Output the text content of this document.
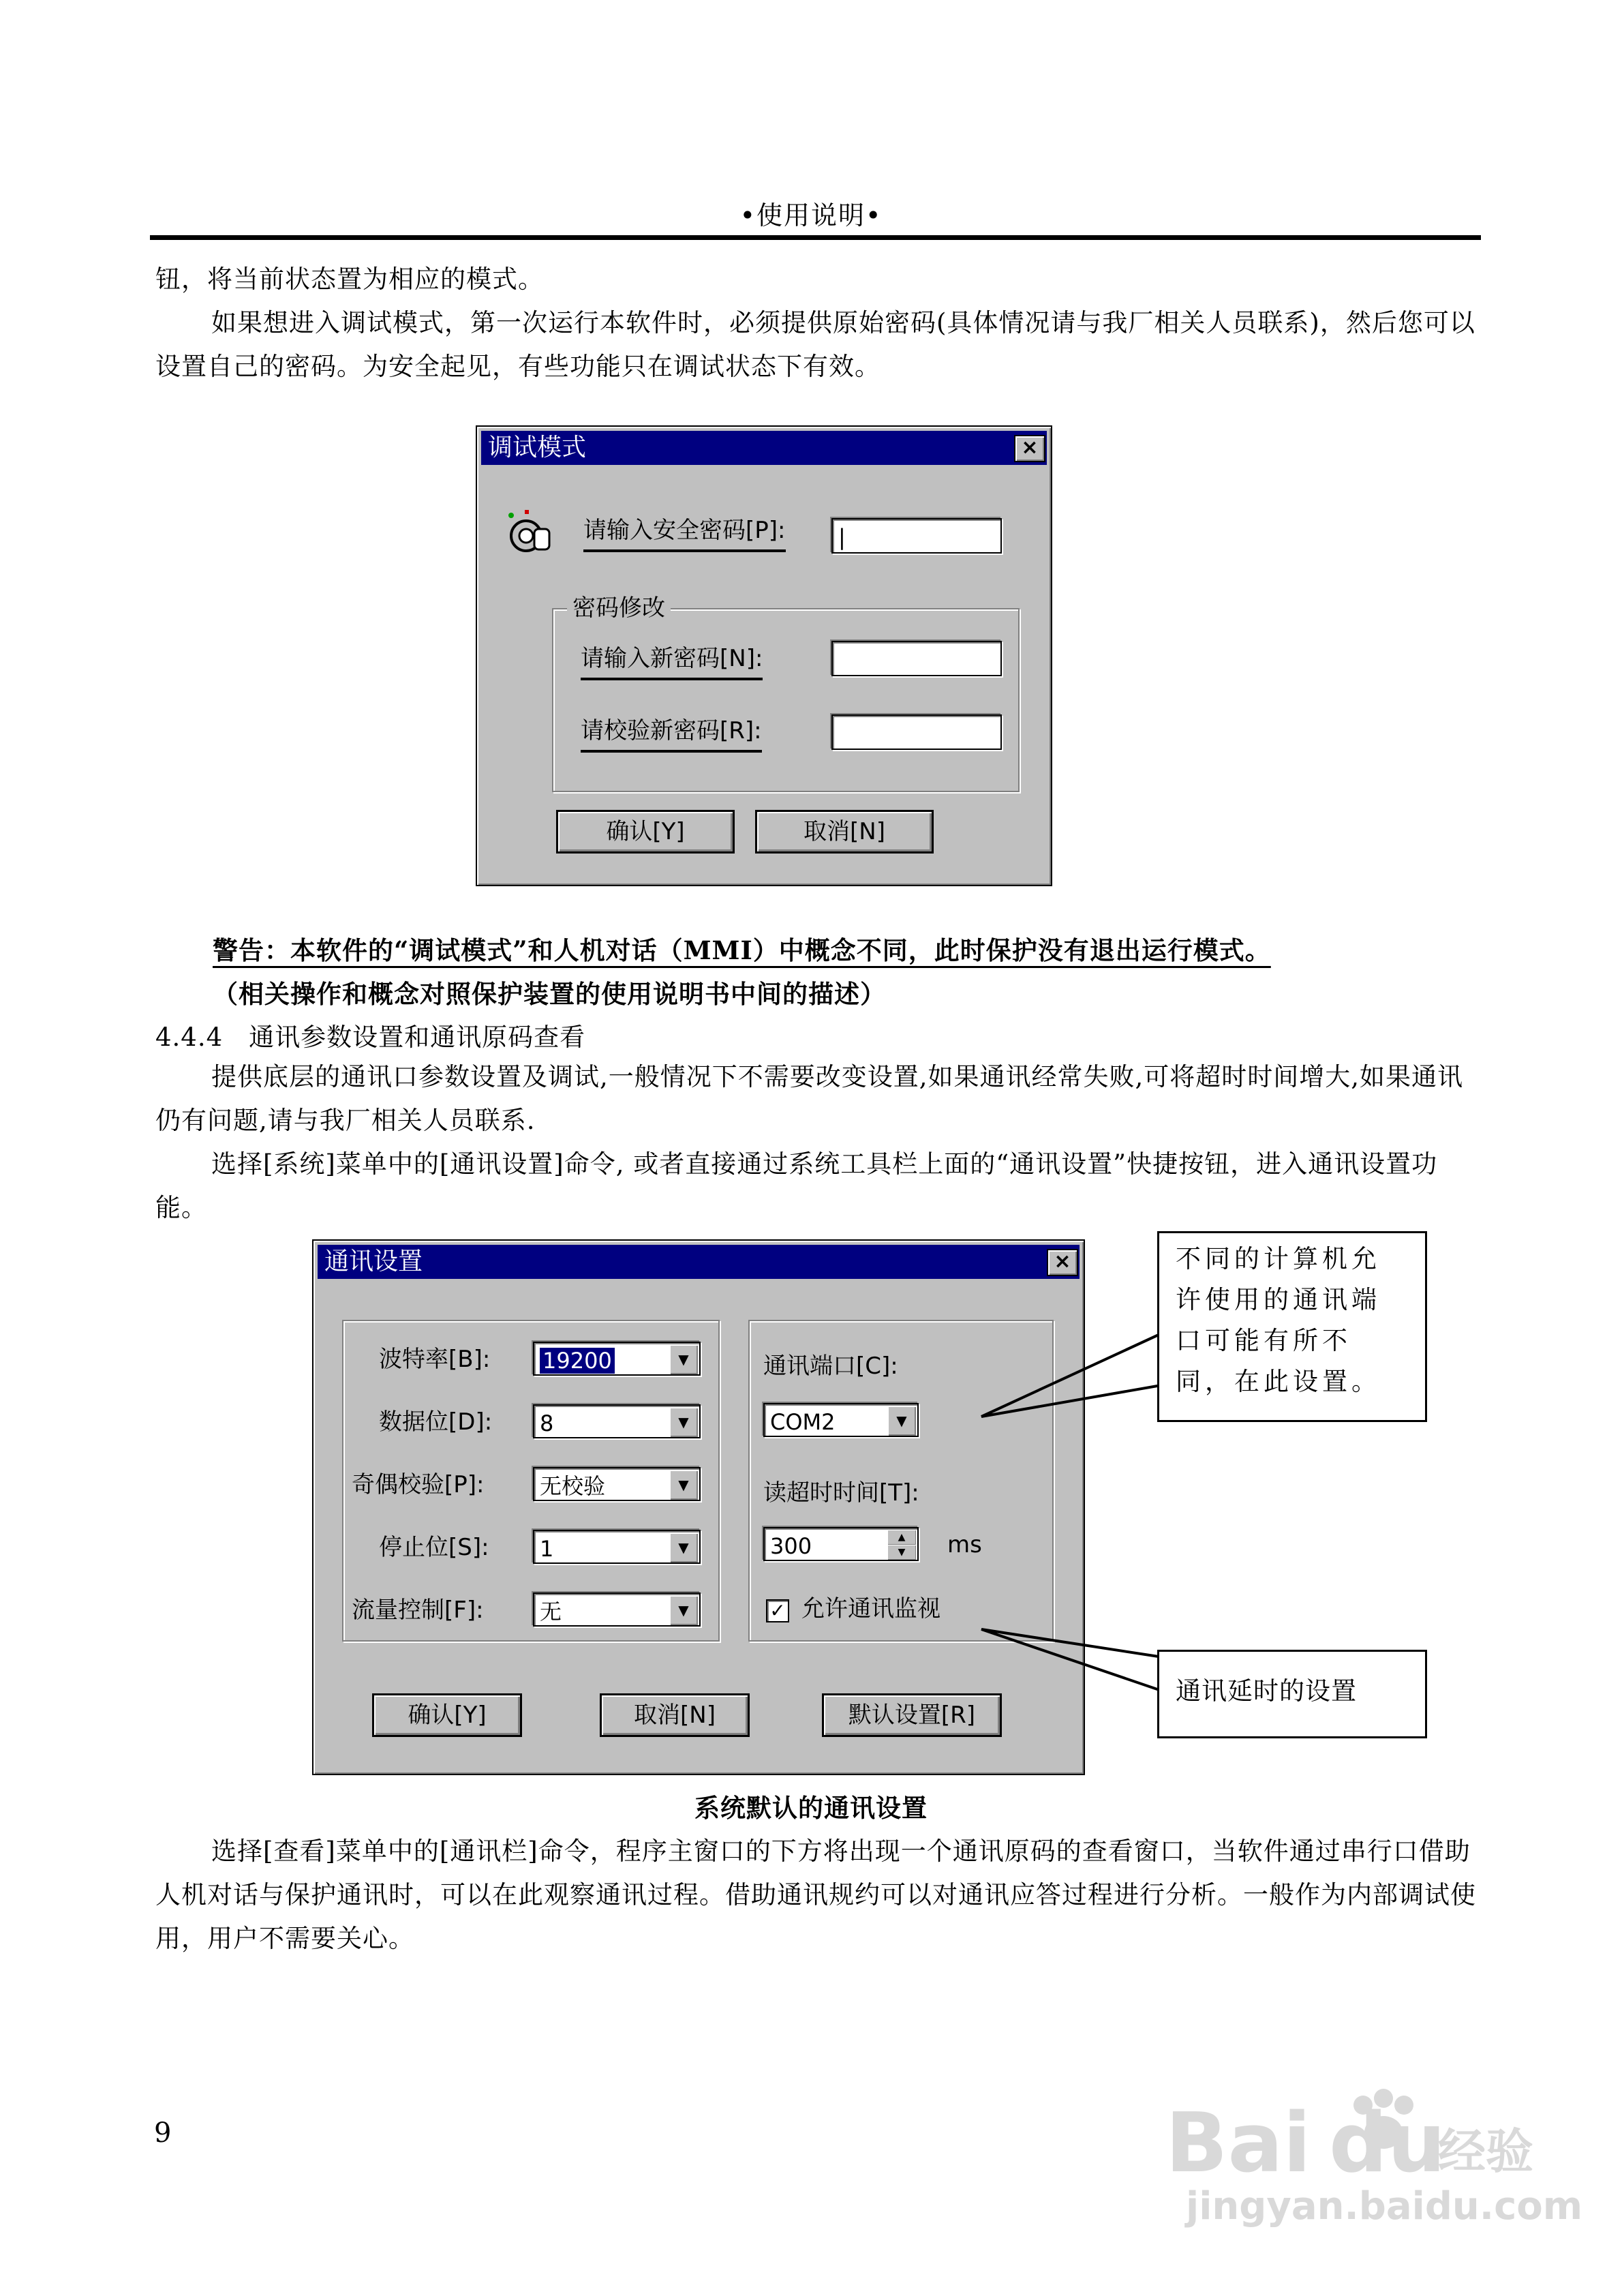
•使用说明•
钮，将当前状态置为相应的模式。
如果想进入调试模式，第一次运行本软件时，必须提供原始密码(具体情况请与我厂相关人员联系)，然后您可以设置自己的密码。为安全起见，有些功能只在调试状态下有效。
调试模式	×
请输入安全密码[P]:	|
密码修改
请输入新密码[N]:
请校验新密码[R]:
确认[Y]	取消[N]
警告：本软件的“调试模式”和人机对话（MMI）中概念不同，此时保护没有退出运行模式。
（相关操作和概念对照保护装置的使用说明书中间的描述）
4.4.4　通讯参数设置和通讯原码查看
提供底层的通讯口参数设置及调试,一般情况下不需要改变设置,如果通讯经常失败,可将超时时间增大,如果通讯仍有问题,请与我厂相关人员联系.
选择[系统]菜单中的[通讯设置]命令, 或者直接通过系统工具栏上面的“通讯设置”快捷按钮，进入通讯设置功能。
通讯设置	×
波特率[B]:	19200	▼
数据位[D]:	8	▼
奇偶校验[P]:	无校验	▼
停止位[S]:	1	▼
流量控制[F]:	无	▼
通讯端口[C]:
COM2	▼
读超时时间[T]:
300	▲
▼	ms
✓ 允许通讯监视
确认[Y]	取消[N]	默认设置[R]
不同的计算机允许使用的通讯端口可能有所不同，在此设置。
通讯延时的设置
系统默认的通讯设置
选择[查看]菜单中的[通讯栏]命令，程序主窗口的下方将出现一个通讯原码的查看窗口，当软件通过串行口借助人机对话与保护通讯时，可以在此观察通讯过程。借助通讯规约可以对通讯应答过程进行分析。一般作为内部调试使用，用户不需要关心。
9	Bai du
经验
jingyan.baidu.com
